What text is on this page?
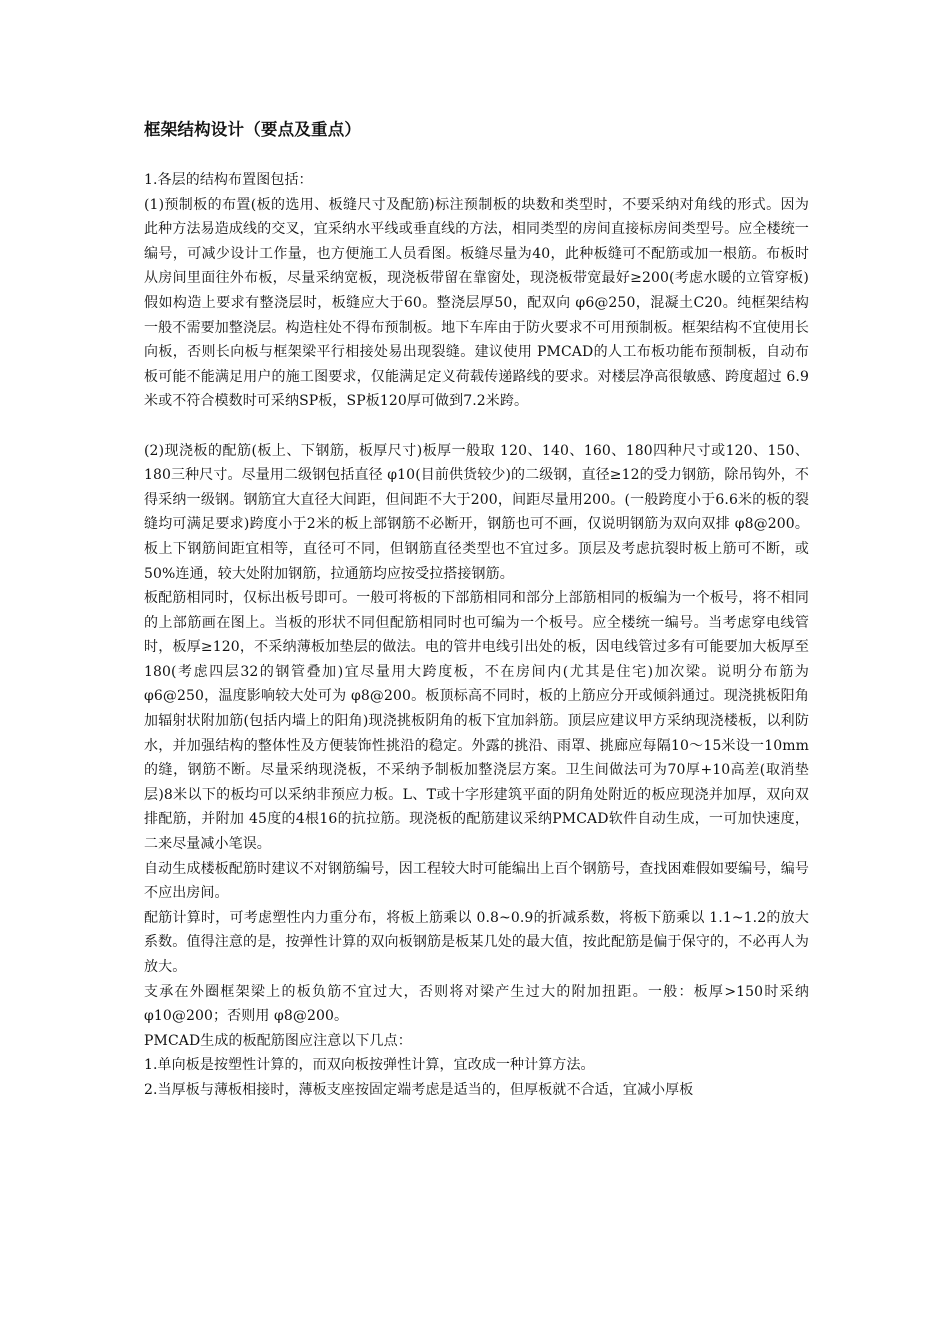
框架结构设计（要点及重点）

1.各层的结构布置图包括：

(1)预制板的布置(板的选用、板缝尺寸及配筋)标注预制板的块数和类型时，不要采纳对角线的形式。因为此种方法易造成线的交叉，宜采纳水平线或垂直线的方法，相同类型的房间直接标房间类型号。应全楼统一编号，可减少设计工作量，也方便施工人员看图。板缝尽量为40，此种板缝可不配筋或加一根筋。布板时从房间里面往外布板，尽量采纳宽板，现浇板带留在靠窗处，现浇板带宽最好≥200(考虑水暖的立管穿板)假如构造上要求有整浇层时，板缝应大于60。整浇层厚50，配双向 φ6@250，混凝土C20。纯框架结构一般不需要加整浇层。构造柱处不得布预制板。地下车库由于防火要求不可用预制板。框架结构不宜使用长向板，否则长向板与框架梁平行相接处易出现裂缝。建议使用 PMCAD的人工布板功能布预制板，自动布板可能不能满足用户的施工图要求，仅能满足定义荷载传递路线的要求。对楼层净高很敏感、跨度超过 6.9 米或不符合模数时可采纳SP板，SP板120厚可做到7.2米跨。

(2)现浇板的配筋(板上、下钢筋，板厚尺寸)板厚一般取 120、140、160、180四种尺寸或120、150、180三种尺寸。尽量用二级钢包括直径 φ10(目前供货较少)的二级钢，直径≥12的受力钢筋，除吊钩外，不得采纳一级钢。钢筋宜大直径大间距，但间距不大于200，间距尽量用200。(一般跨度小于6.6米的板的裂缝均可满足要求)跨度小于2米的板上部钢筋不必断开，钢筋也可不画，仅说明钢筋为双向双排 φ8@200。板上下钢筋间距宜相等，直径可不同，但钢筋直径类型也不宜过多。顶层及考虑抗裂时板上筋可不断，或50%连通，较大处附加钢筋，拉通筋均应按受拉搭接钢筋。

板配筋相同时，仅标出板号即可。一般可将板的下部筋相同和部分上部筋相同的板编为一个板号，将不相同的上部筋画在图上。当板的形状不同但配筋相同时也可编为一个板号。应全楼统一编号。当考虑穿电线管时，板厚≥120，不采纳薄板加垫层的做法。电的管井电线引出处的板，因电线管过多有可能要加大板厚至180(考虑四层32的钢管叠加)宜尽量用大跨度板，不在房间内(尤其是住宅)加次梁。说明分布筋为 φ6@250，温度影响较大处可为 φ8@200。板顶标高不同时，板的上筋应分开或倾斜通过。现浇挑板阳角加辐射状附加筋(包括内墙上的阳角)现浇挑板阴角的板下宜加斜筋。顶层应建议甲方采纳现浇楼板，以利防水，并加强结构的整体性及方便装饰性挑沿的稳定。外露的挑沿、雨罩、挑廊应每隔10～15米设一10mm的缝，钢筋不断。尽量采纳现浇板，不采纳予制板加整浇层方案。卫生间做法可为70厚+10高差(取消垫层)8米以下的板均可以采纳非预应力板。L、T或十字形建筑平面的阴角处附近的板应现浇并加厚，双向双排配筋，并附加 45度的4根16的抗拉筋。现浇板的配筋建议采纳PMCAD软件自动生成，一可加快速度，二来尽量减小笔误。

自动生成楼板配筋时建议不对钢筋编号，因工程较大时可能编出上百个钢筋号，查找困难假如要编号，编号不应出房间。

配筋计算时，可考虑塑性内力重分布，将板上筋乘以 0.8~0.9的折减系数，将板下筋乘以 1.1~1.2的放大系数。值得注意的是，按弹性计算的双向板钢筋是板某几处的最大值，按此配筋是偏于保守的，不必再人为放大。

支承在外圈框架梁上的板负筋不宜过大，否则将对梁产生过大的附加扭距。一般：板厚>150时采纳 φ10@200；否则用 φ8@200。

PMCAD生成的板配筋图应注意以下几点：

1.单向板是按塑性计算的，而双向板按弹性计算，宜改成一种计算方法。

2.当厚板与薄板相接时，薄板支座按固定端考虑是适当的，但厚板就不合适，宜减小厚板
